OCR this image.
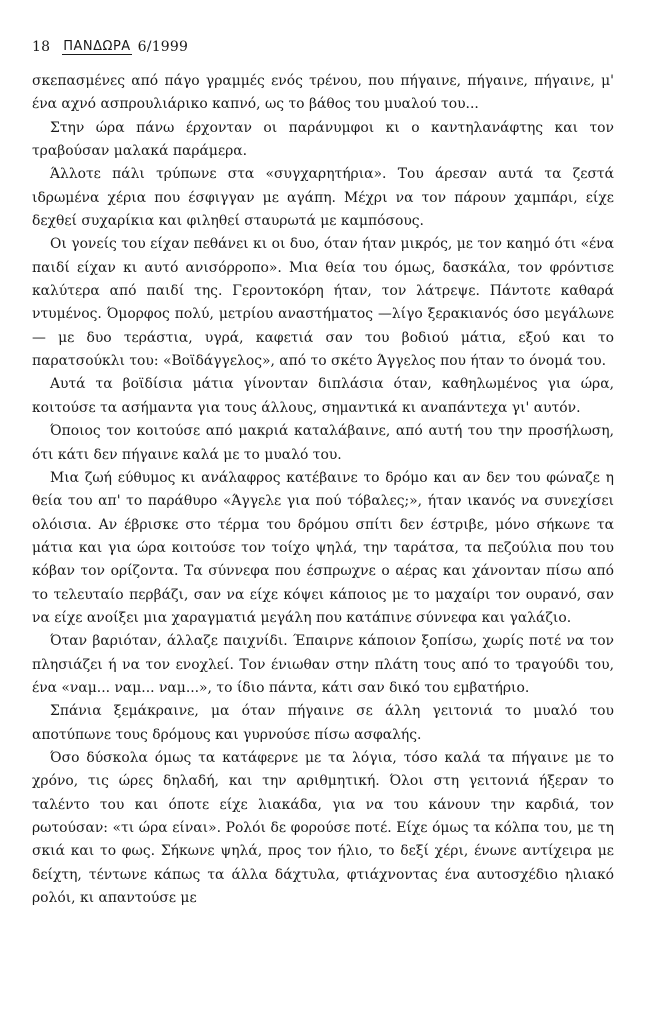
18 ΠΑΝΔΩΡΑ 6/1999

σκεπασμένες από πάγο γραμμές ενός τρένου, που πήγαινε, πήγαινε, πήγαινε, μ' ένα αχνό ασπρουλιάρικο καπνό, ως το βάθος του μυαλού του...

Στην ώρα πάνω έρχονταν οι παράνυμφοι κι ο καντηλανάφτης και τον τραβούσαν μαλακά παράμερα.

Άλλοτε πάλι τρύπωνε στα «συγχαρητήρια». Του άρεσαν αυτά τα ζεστά ιδρωμένα χέρια που έσφιγγαν με αγάπη. Μέχρι να τον πάρουν χαμπάρι, είχε δεχθεί συχαρίκια και φιληθεί σταυρωτά με καμπόσους.

Οι γονείς του είχαν πεθάνει κι οι δυο, όταν ήταν μικρός, με τον καημό ότι «ένα παιδί είχαν κι αυτό ανισόρροπο». Μια θεία του όμως, δασκάλα, τον φρόντισε καλύτερα από παιδί της. Γεροντοκόρη ήταν, τον λάτρεψε. Πάντοτε καθαρά ντυμένος. Όμορφος πολύ, μετρίου αναστήματος —λίγο ξερακιανός όσο μεγάλωνε— με δυο τεράστια, υγρά, καφετιά σαν του βοδιού μάτια, εξού και το παρατσούκλι του: «Βοϊδάγγελος», από το σκέτο Άγγελος που ήταν το όνομά του.

Αυτά τα βοϊδίσια μάτια γίνονταν διπλάσια όταν, καθηλωμένος για ώρα, κοιτούσε τα ασήμαντα για τους άλλους, σημαντικά κι αναπάντεχα γι' αυτόν.

Όποιος τον κοιτούσε από μακριά καταλάβαινε, από αυτή του την προσήλωση, ότι κάτι δεν πήγαινε καλά με το μυαλό του.

Μια ζωή εύθυμος κι ανάλαφρος κατέβαινε το δρόμο και αν δεν του φώναζε η θεία του απ' το παράθυρο «Άγγελε για πού τόβαλες;», ήταν ικανός να συνεχίσει ολόισια. Αν έβρισκε στο τέρμα του δρόμου σπίτι δεν έστριβε, μόνο σήκωνε τα μάτια και για ώρα κοιτούσε τον τοίχο ψηλά, την ταράτσα, τα πεζούλια που του κόβαν τον ορίζοντα. Τα σύννεφα που έσπρωχνε ο αέρας και χάνονταν πίσω από το τελευταίο περβάζι, σαν να είχε κόψει κάποιος με το μαχαίρι τον ουρανό, σαν να είχε ανοίξει μια χαραγματιά μεγάλη που κατάπινε σύννεφα και γαλάζιο.

Όταν βαριόταν, άλλαζε παιχνίδι. Έπαιρνε κάποιον ξοπίσω, χωρίς ποτέ να τον πλησιάζει ή να τον ενοχλεί. Τον ένιωθαν στην πλάτη τους από το τραγούδι του, ένα «ναμ... ναμ... ναμ...», το ίδιο πάντα, κάτι σαν δικό του εμβατήριο.

Σπάνια ξεμάκραινε, μα όταν πήγαινε σε άλλη γειτονιά το μυαλό του αποτύπωνε τους δρόμους και γυρνούσε πίσω ασφαλής.

Όσο δύσκολα όμως τα κατάφερνε με τα λόγια, τόσο καλά τα πήγαινε με το χρόνο, τις ώρες δηλαδή, και την αριθμητική. Όλοι στη γειτονιά ήξεραν το ταλέντο του και όποτε είχε λιακάδα, για να του κάνουν την καρδιά, τον ρωτούσαν: «τι ώρα είναι». Ρολόι δε φορούσε ποτέ. Είχε όμως τα κόλπα του, με τη σκιά και το φως. Σήκωνε ψηλά, προς τον ήλιο, το δεξί χέρι, ένωνε αντίχειρα με δείχτη, τέντωνε κάπως τα άλλα δάχτυλα, φτιάχνοντας ένα αυτοσχέδιο ηλιακό ρολόι, κι απαντούσε με
